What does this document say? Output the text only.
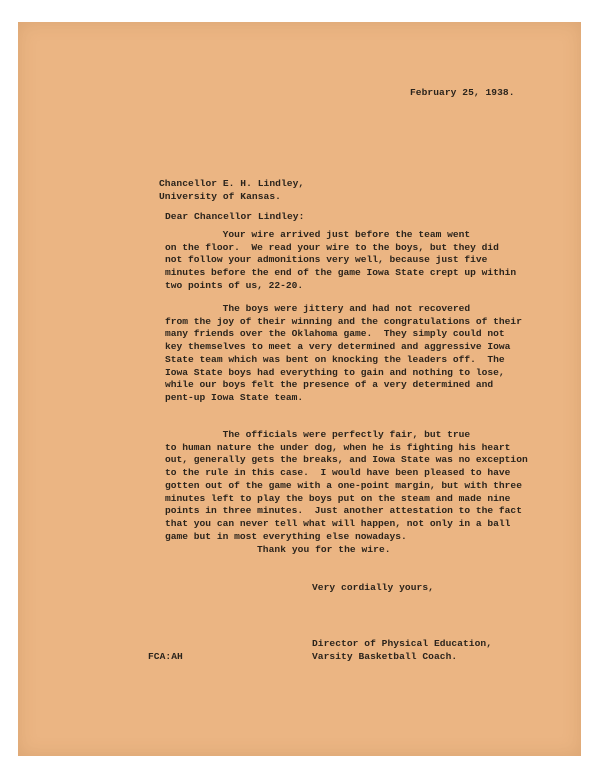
February 25, 1938.
Chancellor E. H. Lindley,
University of Kansas.
Dear Chancellor Lindley:
Your wire arrived just before the team went
on the floor.  We read your wire to the boys, but they did
not follow your admonitions very well, because just five
minutes before the end of the game Iowa State crept up within
two points of us, 22-20.
The boys were jittery and had not recovered
from the joy of their winning and the congratulations of their
many friends over the Oklahoma game.  They simply could not
key themselves to meet a very determined and aggressive Iowa
State team which was bent on knocking the leaders off.  The
Iowa State boys had everything to gain and nothing to lose,
while our boys felt the presence of a very determined and
pent-up Iowa State team.
The officials were perfectly fair, but true
to human nature the under dog, when he is fighting his heart
out, generally gets the breaks, and Iowa State was no exception
to the rule in this case.  I would have been pleased to have
gotten out of the game with a one-point margin, but with three
minutes left to play the boys put on the steam and made nine
points in three minutes.  Just another attestation to the fact
that you can never tell what will happen, not only in a ball
game but in most everything else nowadays.
Thank you for the wire.
Very cordially yours,
Director of Physical Education,
Varsity Basketball Coach.
FCA:AH
